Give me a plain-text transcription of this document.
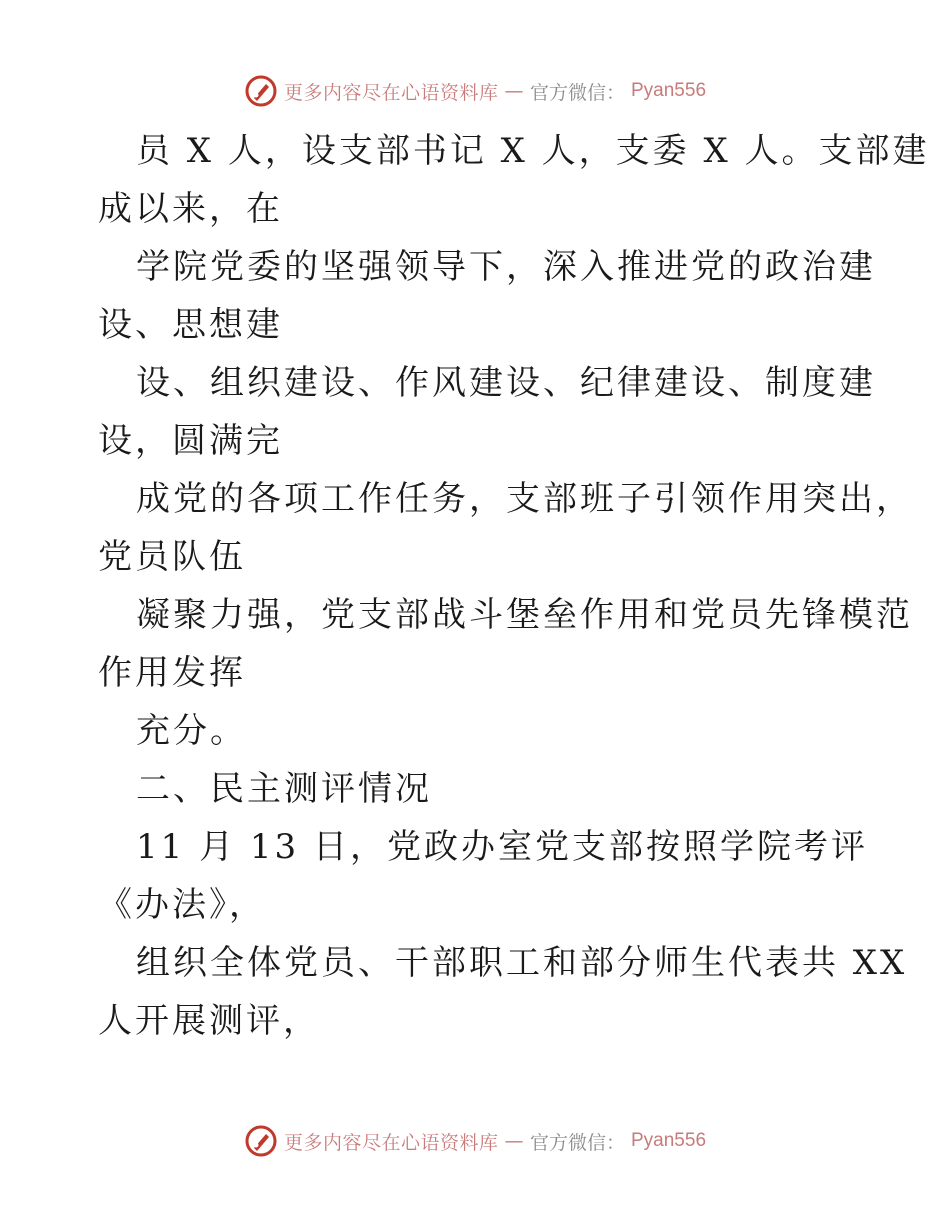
更多内容尽在心语资料库 — 官方微信： Pyan556
员 X 人，设支部书记 X 人，支委 X 人。支部建
成以来，在
学院党委的坚强领导下，深入推进党的政治建
设、思想建
设、组织建设、作风建设、纪律建设、制度建
设，圆满完
成党的各项工作任务，支部班子引领作用突出，
党员队伍
凝聚力强，党支部战斗堡垒作用和党员先锋模范
作用发挥
充分。
二、民主测评情况
11 月 13 日，党政办室党支部按照学院考评
《办法》，
组织全体党员、干部职工和部分师生代表共 XX
人开展测评，
更多内容尽在心语资料库 — 官方微信： Pyan556
